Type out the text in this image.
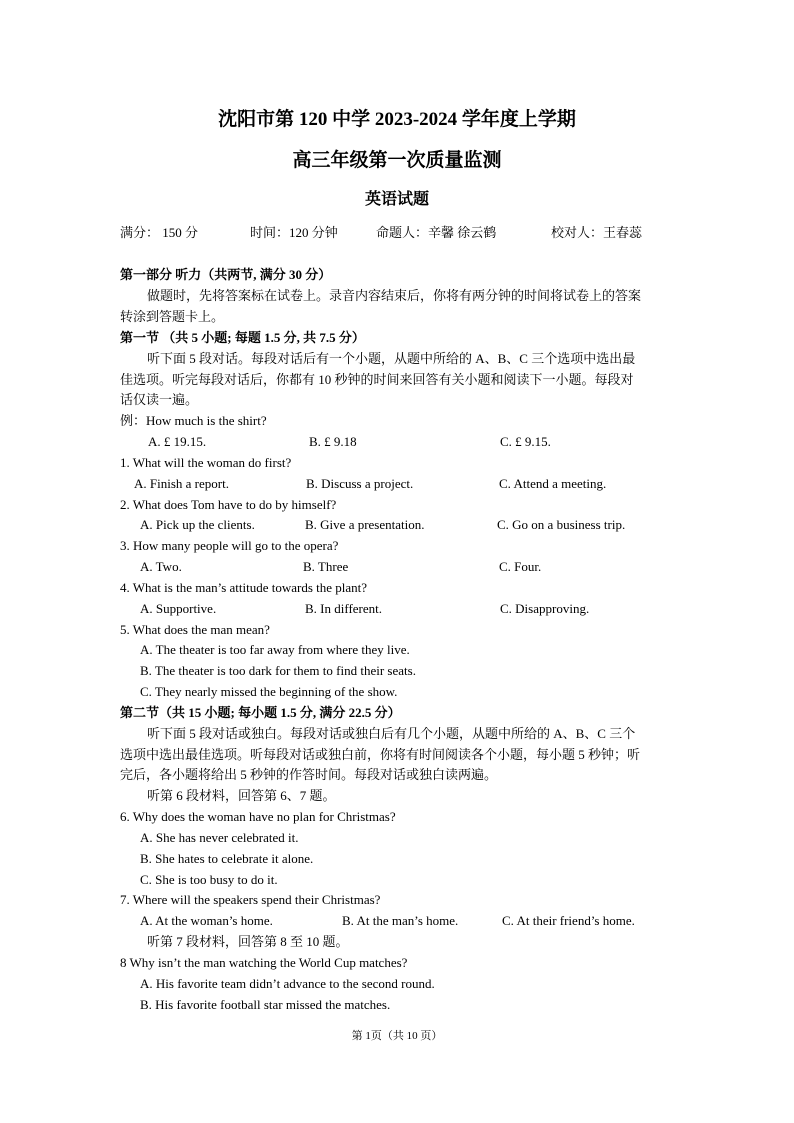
沈阳市第 120 中学 2023-2024 学年度上学期
高三年级第一次质量监测
英语试题
满分： 150 分	时间：120 分钟	命题人：辛馨 徐云鹤	校对人：王春蕊
第一部分 听力（共两节, 满分 30 分）
做题时，先将答案标在试卷上。录音内容结束后，你将有两分钟的时间将试卷上的答案
转涂到答题卡上。
第一节 （共 5 小题; 每题 1.5 分, 共 7.5 分）
听下面 5 段对话。每段对话后有一个小题，从题中所给的 A、B、C 三个选项中选出最
佳选项。听完每段对话后，你都有 10 秒钟的时间来回答有关小题和阅读下一小题。每段对
话仅读一遍。
例：How much is the shirt?
A. £ 19.15.	B. £ 9.18	C. £ 9.15.
1. What will the woman do first?
A. Finish a report.	B. Discuss a project.	C. Attend a meeting.
2. What does Tom have to do by himself?
A. Pick up the clients.	B. Give a presentation.	C. Go on a business trip.
3. How many people will go to the opera?
A. Two.	B. Three	C. Four.
4. What is the man’s attitude towards the plant?
A. Supportive.	B. In different.	C. Disapproving.
5. What does the man mean?
A. The theater is too far away from where they live.
B. The theater is too dark for them to find their seats.
C. They nearly missed the beginning of the show.
第二节（共 15 小题; 每小题 1.5 分, 满分 22.5 分）
听下面 5 段对话或独白。每段对话或独白后有几个小题，从题中所给的 A、B、C 三个
选项中选出最佳选项。听每段对话或独白前，你将有时间阅读各个小题，每小题 5 秒钟；听
完后，各小题将给出 5 秒钟的作答时间。每段对话或独白读两遍。
听第 6 段材料，回答第 6、7 题。
6. Why does the woman have no plan for Christmas?
A. She has never celebrated it.
B. She hates to celebrate it alone.
C. She is too busy to do it.
7. Where will the speakers spend their Christmas?
A. At the woman’s home.	B. At the man’s home.	C. At their friend’s home.
听第 7 段材料，回答第 8 至 10 题。
8 Why isn’t the man watching the World Cup matches?
A. His favorite team didn’t advance to the second round.
B. His favorite football star missed the matches.
第 1页（共 10 页）
